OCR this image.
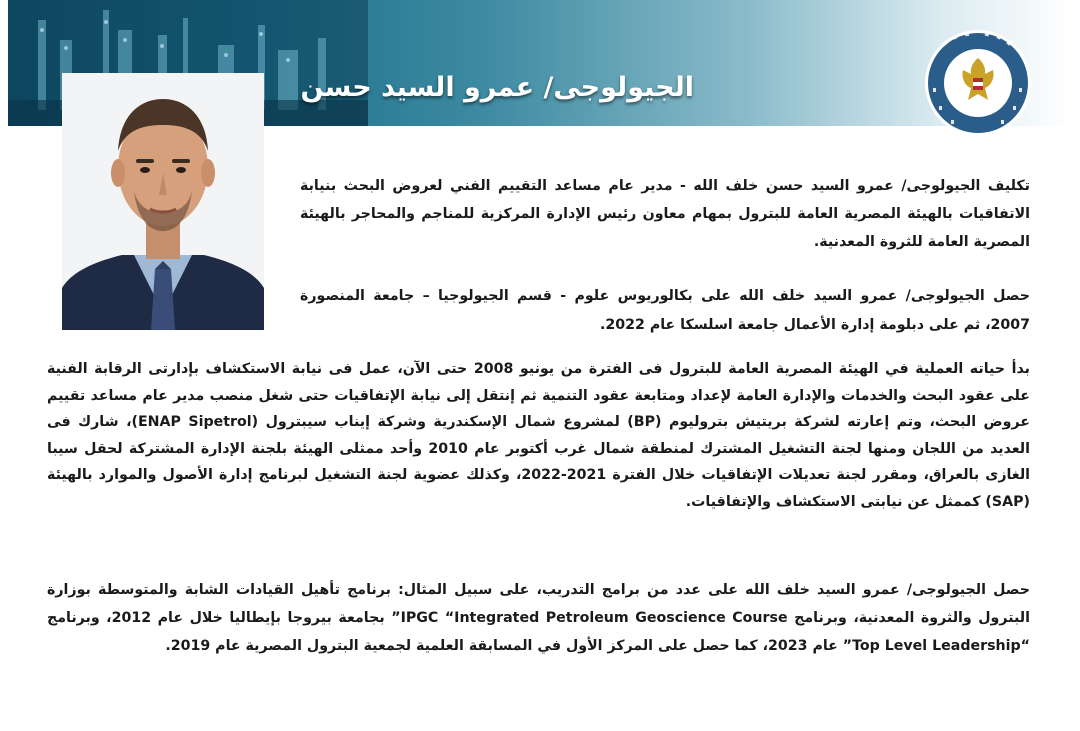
الجيولوجى/ عمرو السيد حسن

تكليف الجيولوجى/ عمرو السيد حسن خلف الله - مدير عام مساعد التقييم الفني لعروض البحث بنيابة الاتفاقيات بالهيئة المصرية العامة للبترول بمهام معاون رئيس الإدارة المركزية للمناجم والمحاجر بالهيئة المصرية العامة للثروة المعدنية.

حصل الجيولوجى/ عمرو السيد خلف الله على بكالوريوس علوم - قسم الجيولوجيا – جامعة المنصورة 2007، ثم على دبلومة إدارة الأعمال جامعة اسلسكا عام 2022.

بدأ حياته العملية في الهيئة المصرية العامة للبترول فى الفترة من يونيو 2008 حتى الآن، عمل فى نيابة الاستكشاف بإدارتى الرقابة الفنية على عقود البحث والخدمات والإدارة العامة لإعداد ومتابعة عقود التنمية ثم إنتقل إلى نيابة الإتفاقيات حتى شغل منصب مدير عام مساعد تقييم عروض البحث، وتم إعارته لشركة بريتيش بتروليوم (BP) لمشروع شمال الإسكندرية وشركة إيناب سيبترول (ENAP Sipetrol)، شارك فى العديد من اللجان ومنها لجنة التشغيل المشترك لمنطقة شمال غرب أكتوبر عام 2010 وأحد ممثلى الهيئة بلجنة الإدارة المشتركة لحقل سيبا الغازى بالعراق، ومقرر لجنة تعديلات الإتفاقيات خلال الفترة 2021-2022، وكذلك عضوية لجنة التشغيل لبرنامج إدارة الأصول والموارد بالهيئة (SAP) كممثل عن نيابتى الاستكشاف والإتفاقيات.

حصل الجيولوجى/ عمرو السيد خلف الله على عدد من برامج التدريب، على سبيل المثال: برنامج تأهيل القيادات الشابة والمتوسطة بوزارة البترول والثروة المعدنية، وبرنامج IPGC “Integrated Petroleum Geoscience Course” بجامعة بيروجا بإيطاليا خلال عام 2012، وبرنامج “Top Level Leadership” عام 2023، كما حصل على المركز الأول في المسابقة العلمية لجمعية البترول المصرية عام 2019.
